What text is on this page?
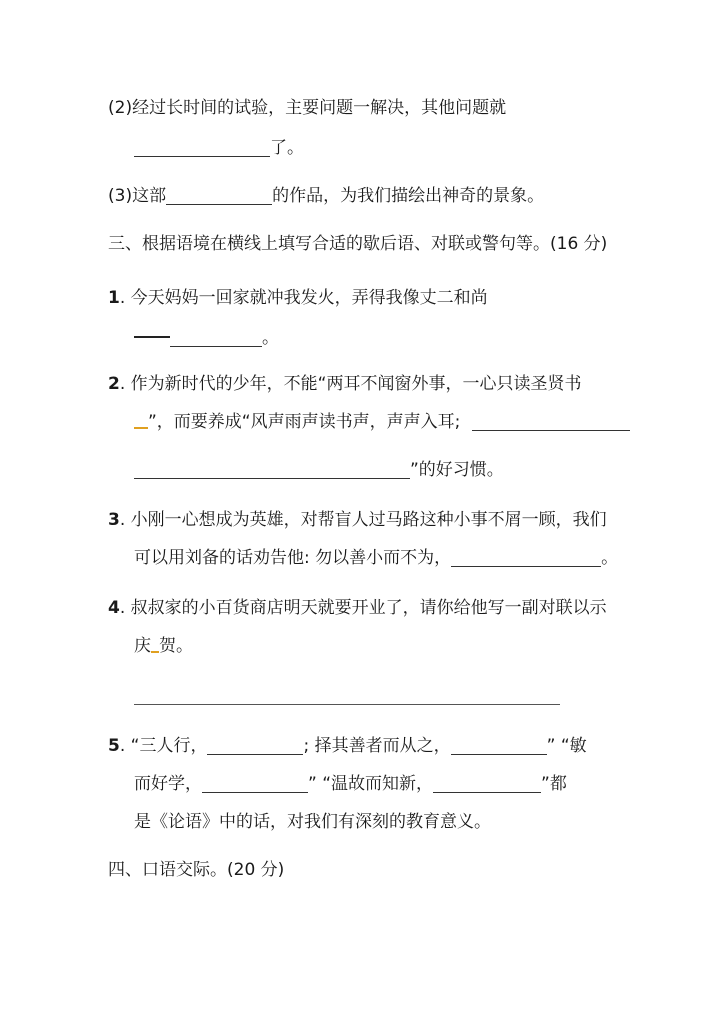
(2)经过长时间的试验，主要问题一解决，其他问题就
了。
(3)这部	的作品，为我们描绘出神奇的景象。
三、根据语境在横线上填写合适的歇后语、对联或警句等。(16 分)
1. 今天妈妈一回家就冲我发火，弄得我像丈二和尚
。
2. 作为新时代的少年，不能“两耳不闻窗外事，一心只读圣贤书
”，而要养成“风声雨声读书声，声声入耳;
”的好习惯。
3. 小刚一心想成为英雄，对帮盲人过马路这种小事不屑一顾，我们
可以用刘备的话劝告他: 勿以善小而不为，	。
4. 叔叔家的小百货商店明天就要开业了，请你给他写一副对联以示
庆 贺。
5. “三人行，	; 择其善者而从之，	” “敏
而好学，	” “温故而知新，	”都
是《论语》中的话，对我们有深刻的教育意义。
四、口语交际。(20 分)
